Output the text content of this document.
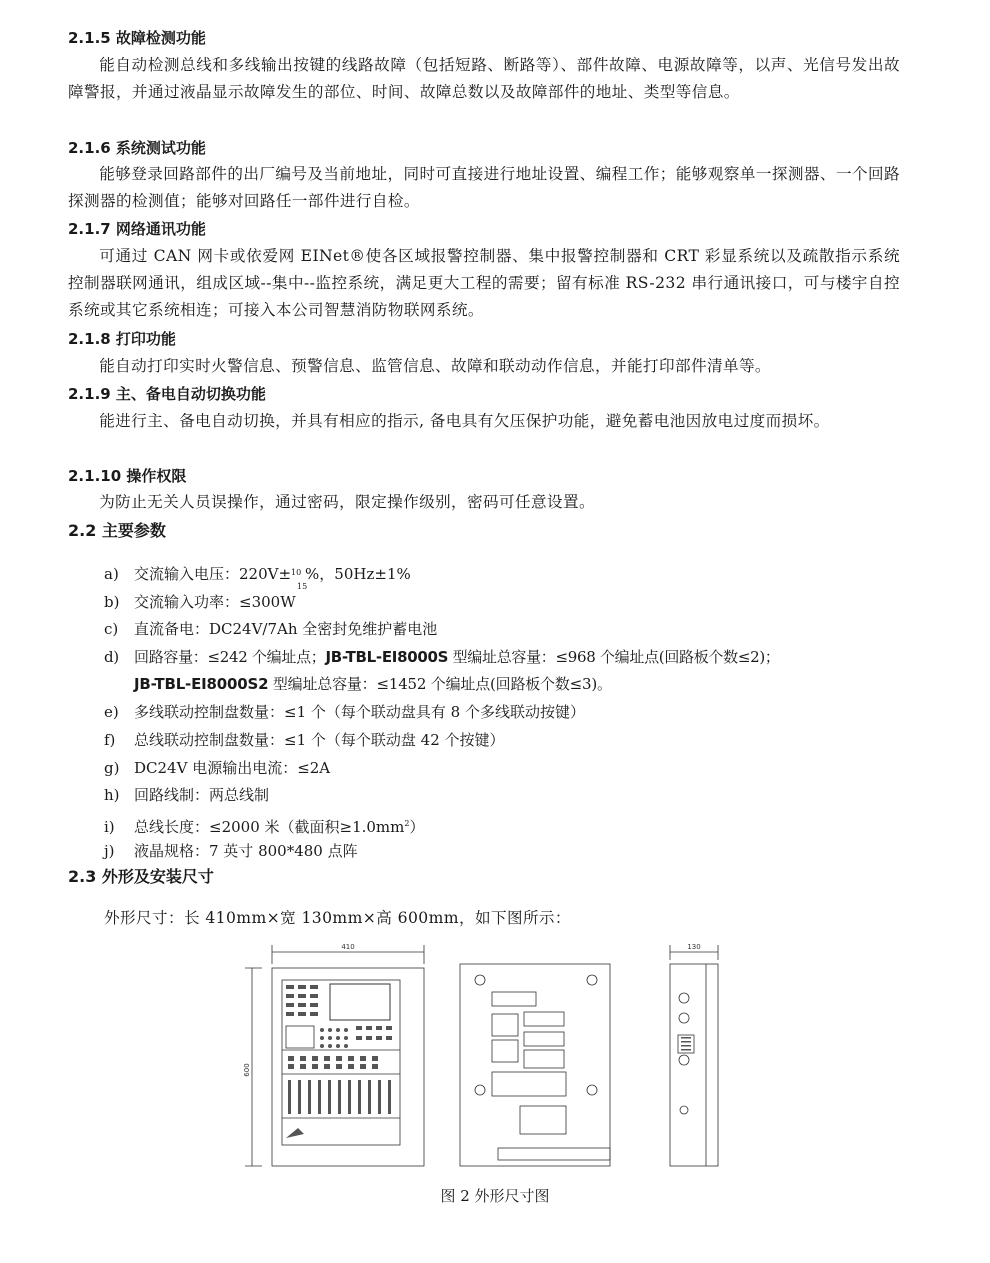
2.1.5 故障检测功能
能自动检测总线和多线输出按键的线路故障（包括短路、断路等）、部件故障、电源故障等，以声、光信号发出故障警报，并通过液晶显示故障发生的部位、时间、故障总数以及故障部件的地址、类型等信息。
2.1.6 系统测试功能
能够登录回路部件的出厂编号及当前地址，同时可直接进行地址设置、编程工作；能够观察单一探测器、一个回路探测器的检测值；能够对回路任一部件进行自检。
2.1.7 网络通讯功能
可通过 CAN 网卡或依爱网 EINet®使各区域报警控制器、集中报警控制器和 CRT 彩显系统以及疏散指示系统控制器联网通讯，组成区域--集中--监控系统，满足更大工程的需要；留有标准 RS-232 串行通讯接口，可与楼宇自控系统或其它系统相连；可接入本公司智慧消防物联网系统。
2.1.8 打印功能
能自动打印实时火警信息、预警信息、监管信息、故障和联动动作信息，并能打印部件清单等。
2.1.9 主、备电自动切换功能
能进行主、备电自动切换，并具有相应的指示, 备电具有欠压保护功能，避免蓄电池因放电过度而损坏。
2.1.10 操作权限
为防止无关人员误操作，通过密码，限定操作级别，密码可任意设置。
2.2 主要参数
a) 交流输入电压：220V± 10
15
%，50Hz±1%
b) 交流输入功率：≤300W
c) 直流备电：DC24V/7Ah 全密封免维护蓄电池
d) 回路容量：≤242 个编址点；JB-TBL-EI8000S 型编址总容量：≤968 个编址点(回路板个数≤2)；
JB-TBL-EI8000S2 型编址总容量：≤1452 个编址点(回路板个数≤3)。
e) 多线联动控制盘数量：≤1 个（每个联动盘具有 8 个多线联动按键）
f) 总线联动控制盘数量：≤1 个（每个联动盘 42 个按键）
g) DC24V 电源输出电流：≤2A
h) 回路线制：两总线制
i) 总线长度：≤2000 米（截面积$\ge 1.0mm^2$）
j) 液晶规格：7 英寸 800*480 点阵
2.3 外形及安装尺寸
外形尺寸：长 410mm×宽 130mm×高 600mm，如下图所示：
410
600
130
图 2 外形尺寸图
